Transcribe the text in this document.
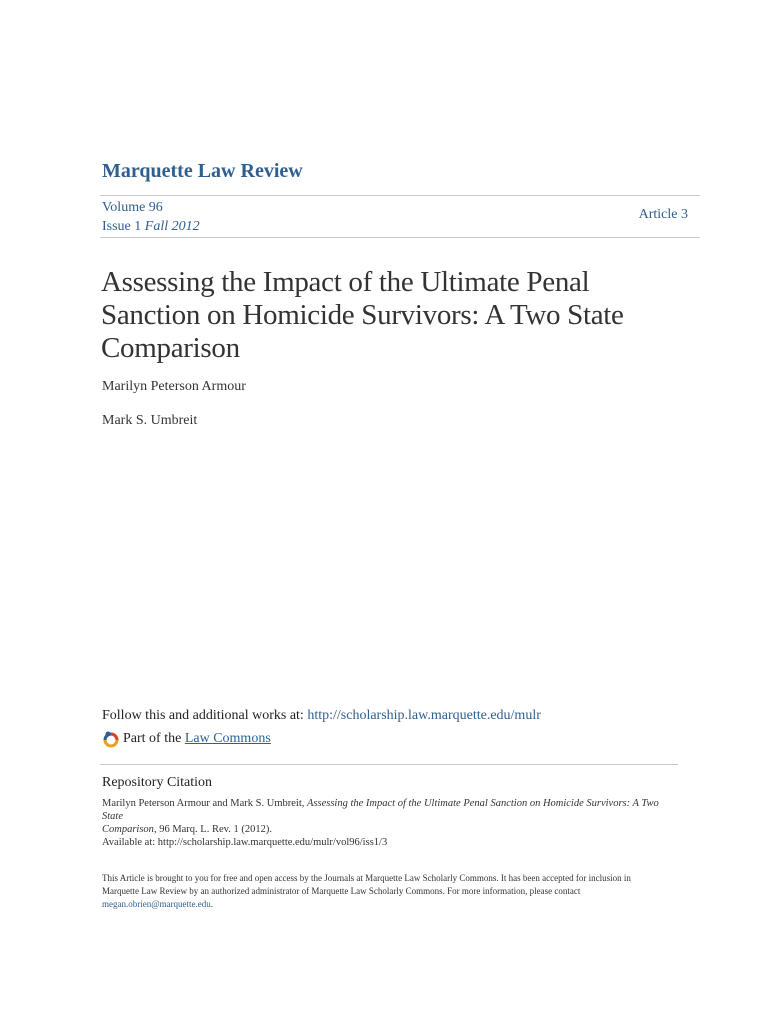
Marquette Law Review
Volume 96
Issue 1 Fall 2012
Article 3
Assessing the Impact of the Ultimate Penal
Sanction on Homicide Survivors: A Two State
Comparison
Marilyn Peterson Armour
Mark S. Umbreit
Follow this and additional works at: http://scholarship.law.marquette.edu/mulr
Part of the
Law Commons
Repository Citation
Marilyn Peterson Armour and Mark S. Umbreit, Assessing the Impact of the Ultimate Penal Sanction on Homicide Survivors: A Two State
Comparison, 96 Marq. L. Rev. 1 (2012).
Available at: http://scholarship.law.marquette.edu/mulr/vol96/iss1/3
This Article is brought to you for free and open access by the Journals at Marquette Law Scholarly Commons. It has been accepted for inclusion in
Marquette Law Review by an authorized administrator of Marquette Law Scholarly Commons. For more information, please contact
megan.obrien@marquette.edu.
